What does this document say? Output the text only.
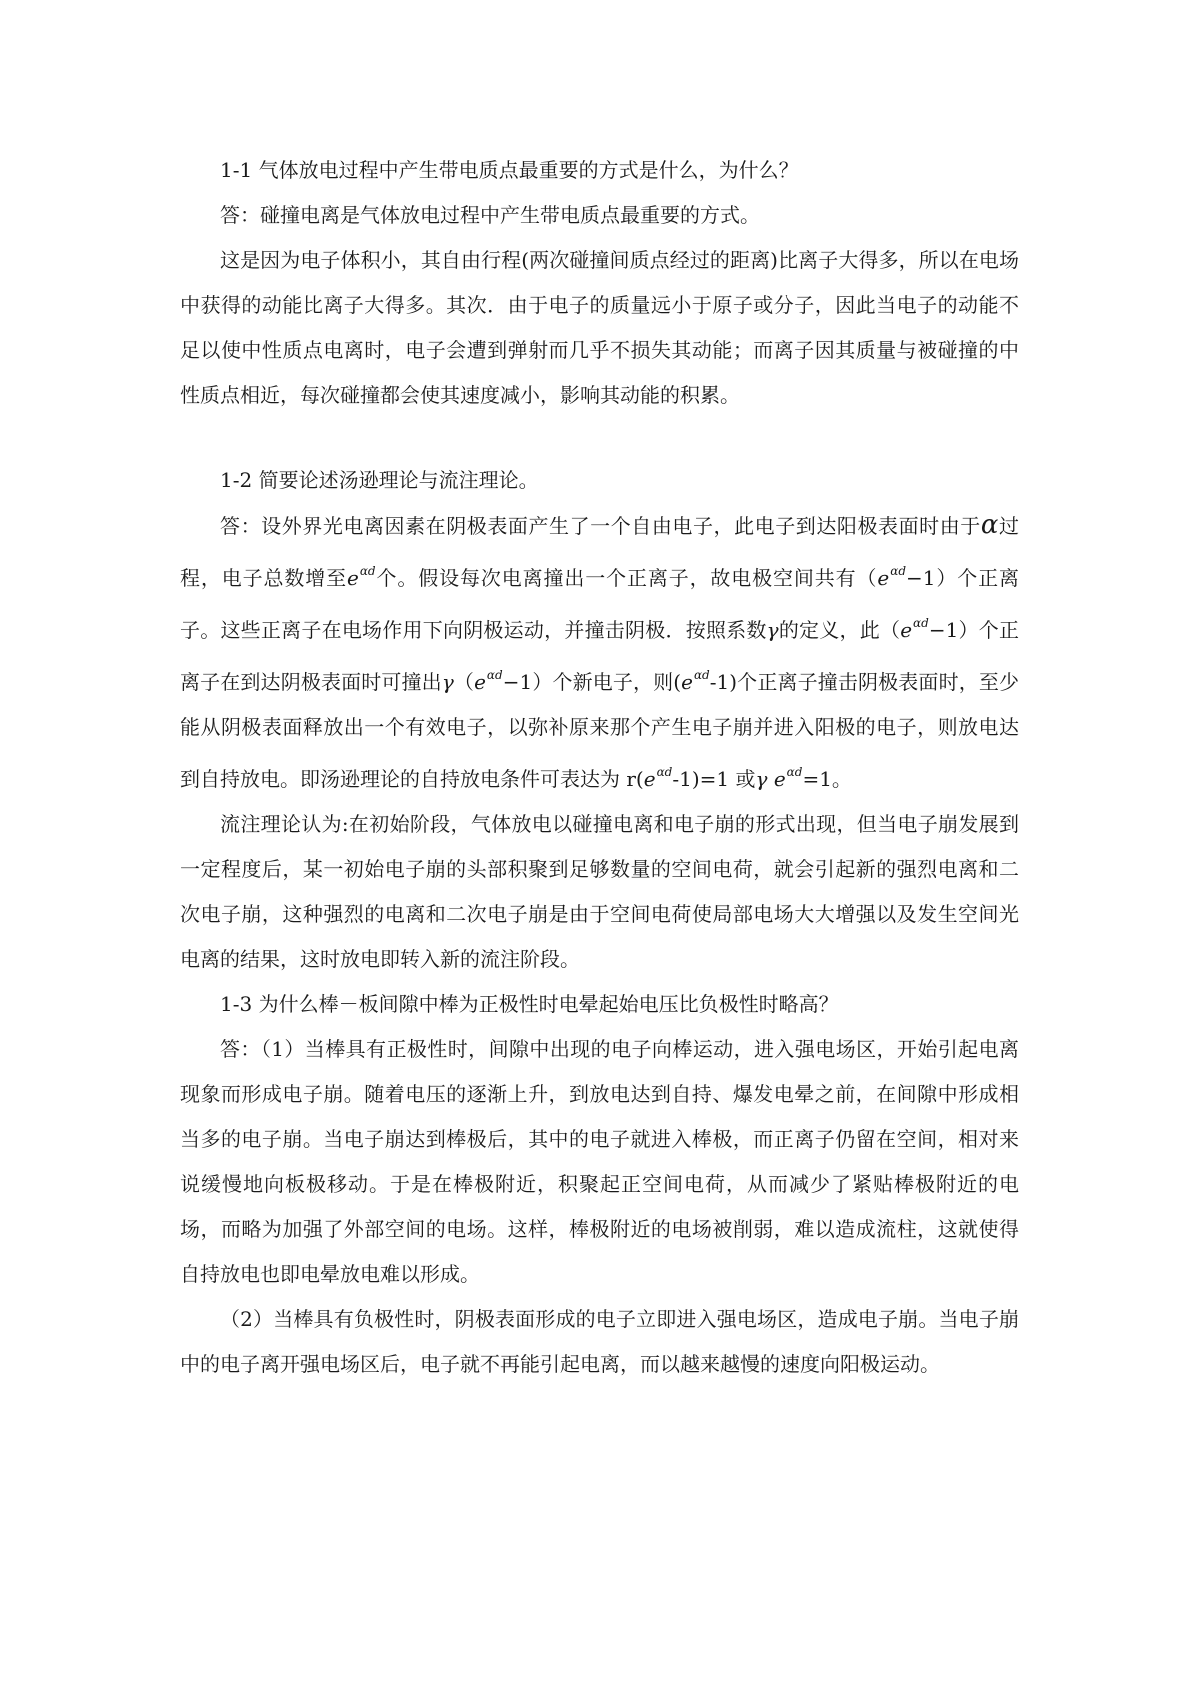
1-1 气体放电过程中产生带电质点最重要的方式是什么，为什么？

答：碰撞电离是气体放电过程中产生带电质点最重要的方式。

这是因为电子体积小，其自由行程(两次碰撞间质点经过的距离)比离子大得多，所以在电场中获得的动能比离子大得多。其次．由于电子的质量远小于原子或分子，因此当电子的动能不足以使中性质点电离时，电子会遭到弹射而几乎不损失其动能；而离子因其质量与被碰撞的中性质点相近，每次碰撞都会使其速度减小，影响其动能的积累。

1-2 简要论述汤逊理论与流注理论。

答：设外界光电离因素在阴极表面产生了一个自由电子，此电子到达阳极表面时由于α过程，电子总数增至$e^{\alpha d}$个。假设每次电离撞出一个正离子，故电极空间共有$(e^{\alpha d}-1)$个正离子。这些正离子在电场作用下向阴极运动，并撞击阴极．按照系数γ的定义，此$(e^{\alpha d}-1)$个正离子在到达阴极表面时可撞出$\gamma(e^{\alpha d}-1)$个新电子，则$(e^{\alpha d}-1)$个正离子撞击阴极表面时，至少能从阴极表面释放出一个有效电子，以弥补原来那个产生电子崩并进入阳极的电子，则放电达到自持放电。即汤逊理论的自持放电条件可表达为 $r(e^{\alpha d}-1)=1$ 或γ $e^{\alpha d}=1$。

流注理论认为:在初始阶段，气体放电以碰撞电离和电子崩的形式出现，但当电子崩发展到一定程度后，某一初始电子崩的头部积聚到足够数量的空间电荷，就会引起新的强烈电离和二次电子崩，这种强烈的电离和二次电子崩是由于空间电荷使局部电场大大增强以及发生空间光电离的结果，这时放电即转入新的流注阶段。

1-3 为什么棒－板间隙中棒为正极性时电晕起始电压比负极性时略高？

答：（1）当棒具有正极性时，间隙中出现的电子向棒运动，进入强电场区，开始引起电离现象而形成电子崩。随着电压的逐渐上升，到放电达到自持、爆发电晕之前，在间隙中形成相当多的电子崩。当电子崩达到棒极后，其中的电子就进入棒极，而正离子仍留在空间，相对来说缓慢地向板极移动。于是在棒极附近，积聚起正空间电荷，从而减少了紧贴棒极附近的电场，而略为加强了外部空间的电场。这样，棒极附近的电场被削弱，难以造成流柱，这就使得自持放电也即电晕放电难以形成。

（2）当棒具有负极性时，阴极表面形成的电子立即进入强电场区，造成电子崩。当电子崩中的电子离开强电场区后，电子就不再能引起电离，而以越来越慢的速度向阳极运动。
